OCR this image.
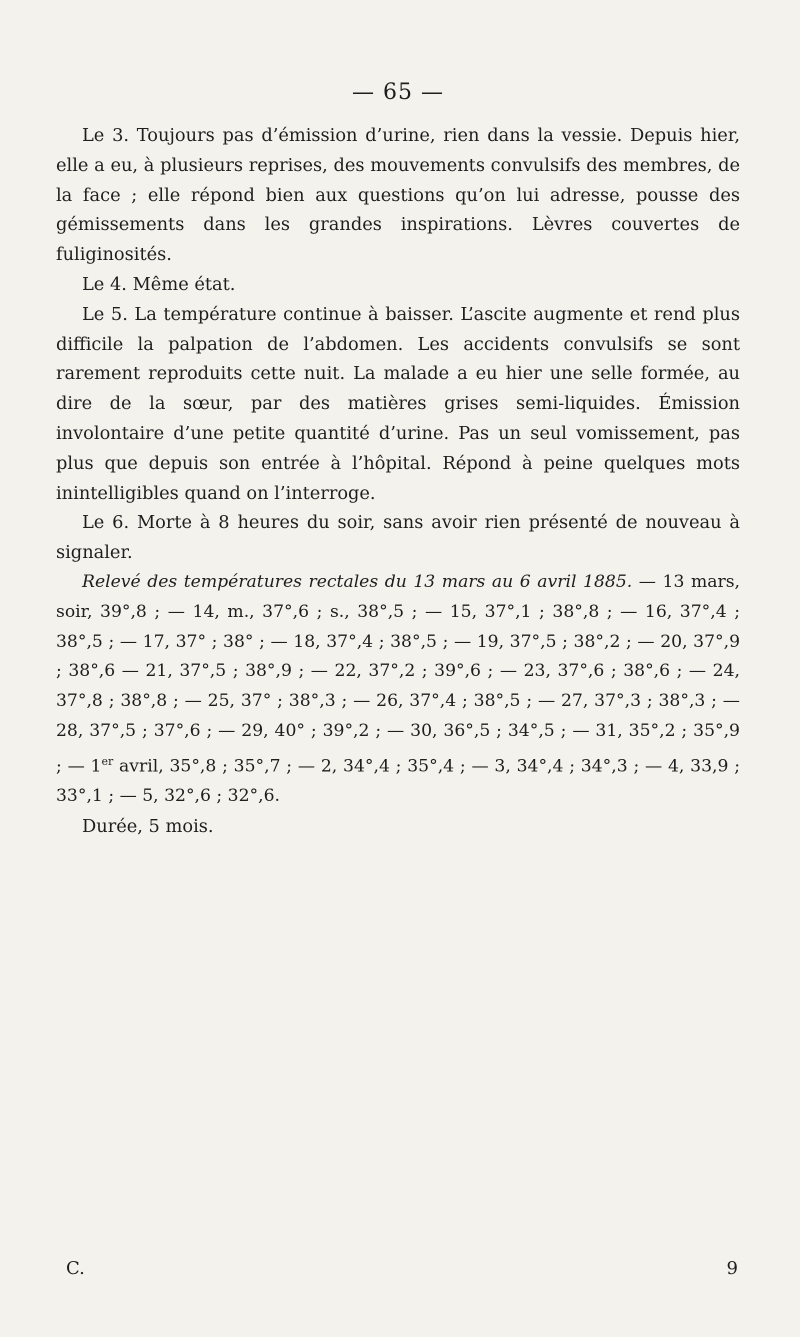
— 65 —

Le 3. Toujours pas d’émission d’urine, rien dans la vessie. Depuis hier, elle a eu, à plusieurs reprises, des mouvements convulsifs des membres, de la face ; elle répond bien aux questions qu’on lui adresse, pousse des gémissements dans les grandes inspirations. Lèvres couvertes de fuliginosités.

Le 4. Même état.

Le 5. La température continue à baisser. L’ascite augmente et rend plus difficile la palpation de l’abdomen. Les accidents convulsifs se sont rarement reproduits cette nuit. La malade a eu hier une selle formée, au dire de la sœur, par des matières grises semi-liquides. Émission involontaire d’une petite quantité d’urine. Pas un seul vomissement, pas plus que depuis son entrée à l’hôpital. Répond à peine quelques mots inintelligibles quand on l’interroge.

Le 6. Morte à 8 heures du soir, sans avoir rien présenté de nouveau à signaler.

Relevé des températures rectales du 13 mars au 6 avril 1885. — 13 mars, soir, 39°,8 ; — 14, m., 37°,6 ; s., 38°,5 ; — 15, 37°,1 ; 38°,8 ; — 16, 37°,4 ; 38°,5 ; — 17, 37° ; 38° ; — 18, 37°,4 ; 38°,5 ; — 19, 37°,5 ; 38°,2 ; — 20, 37°,9 ; 38°,6 — 21, 37°,5 ; 38°,9 ; — 22, 37°,2 ; 39°,6 ; — 23, 37°,6 ; 38°,6 ; — 24, 37°,8 ; 38°,8 ; — 25, 37° ; 38°,3 ; — 26, 37°,4 ; 38°,5 ; — 27, 37°,3 ; 38°,3 ; — 28, 37°,5 ; 37°,6 ; — 29, 40° ; 39°,2 ; — 30, 36°,5 ; 34°,5 ; — 31, 35°,2 ; 35°,9 ; — 1er avril, 35°,8 ; 35°,7 ; — 2, 34°,4 ; 35°,4 ; — 3, 34°,4 ; 34°,3 ; — 4, 33,9 ; 33°,1 ; — 5, 32°,6 ; 32°,6.

Durée, 5 mois.

C.	9
